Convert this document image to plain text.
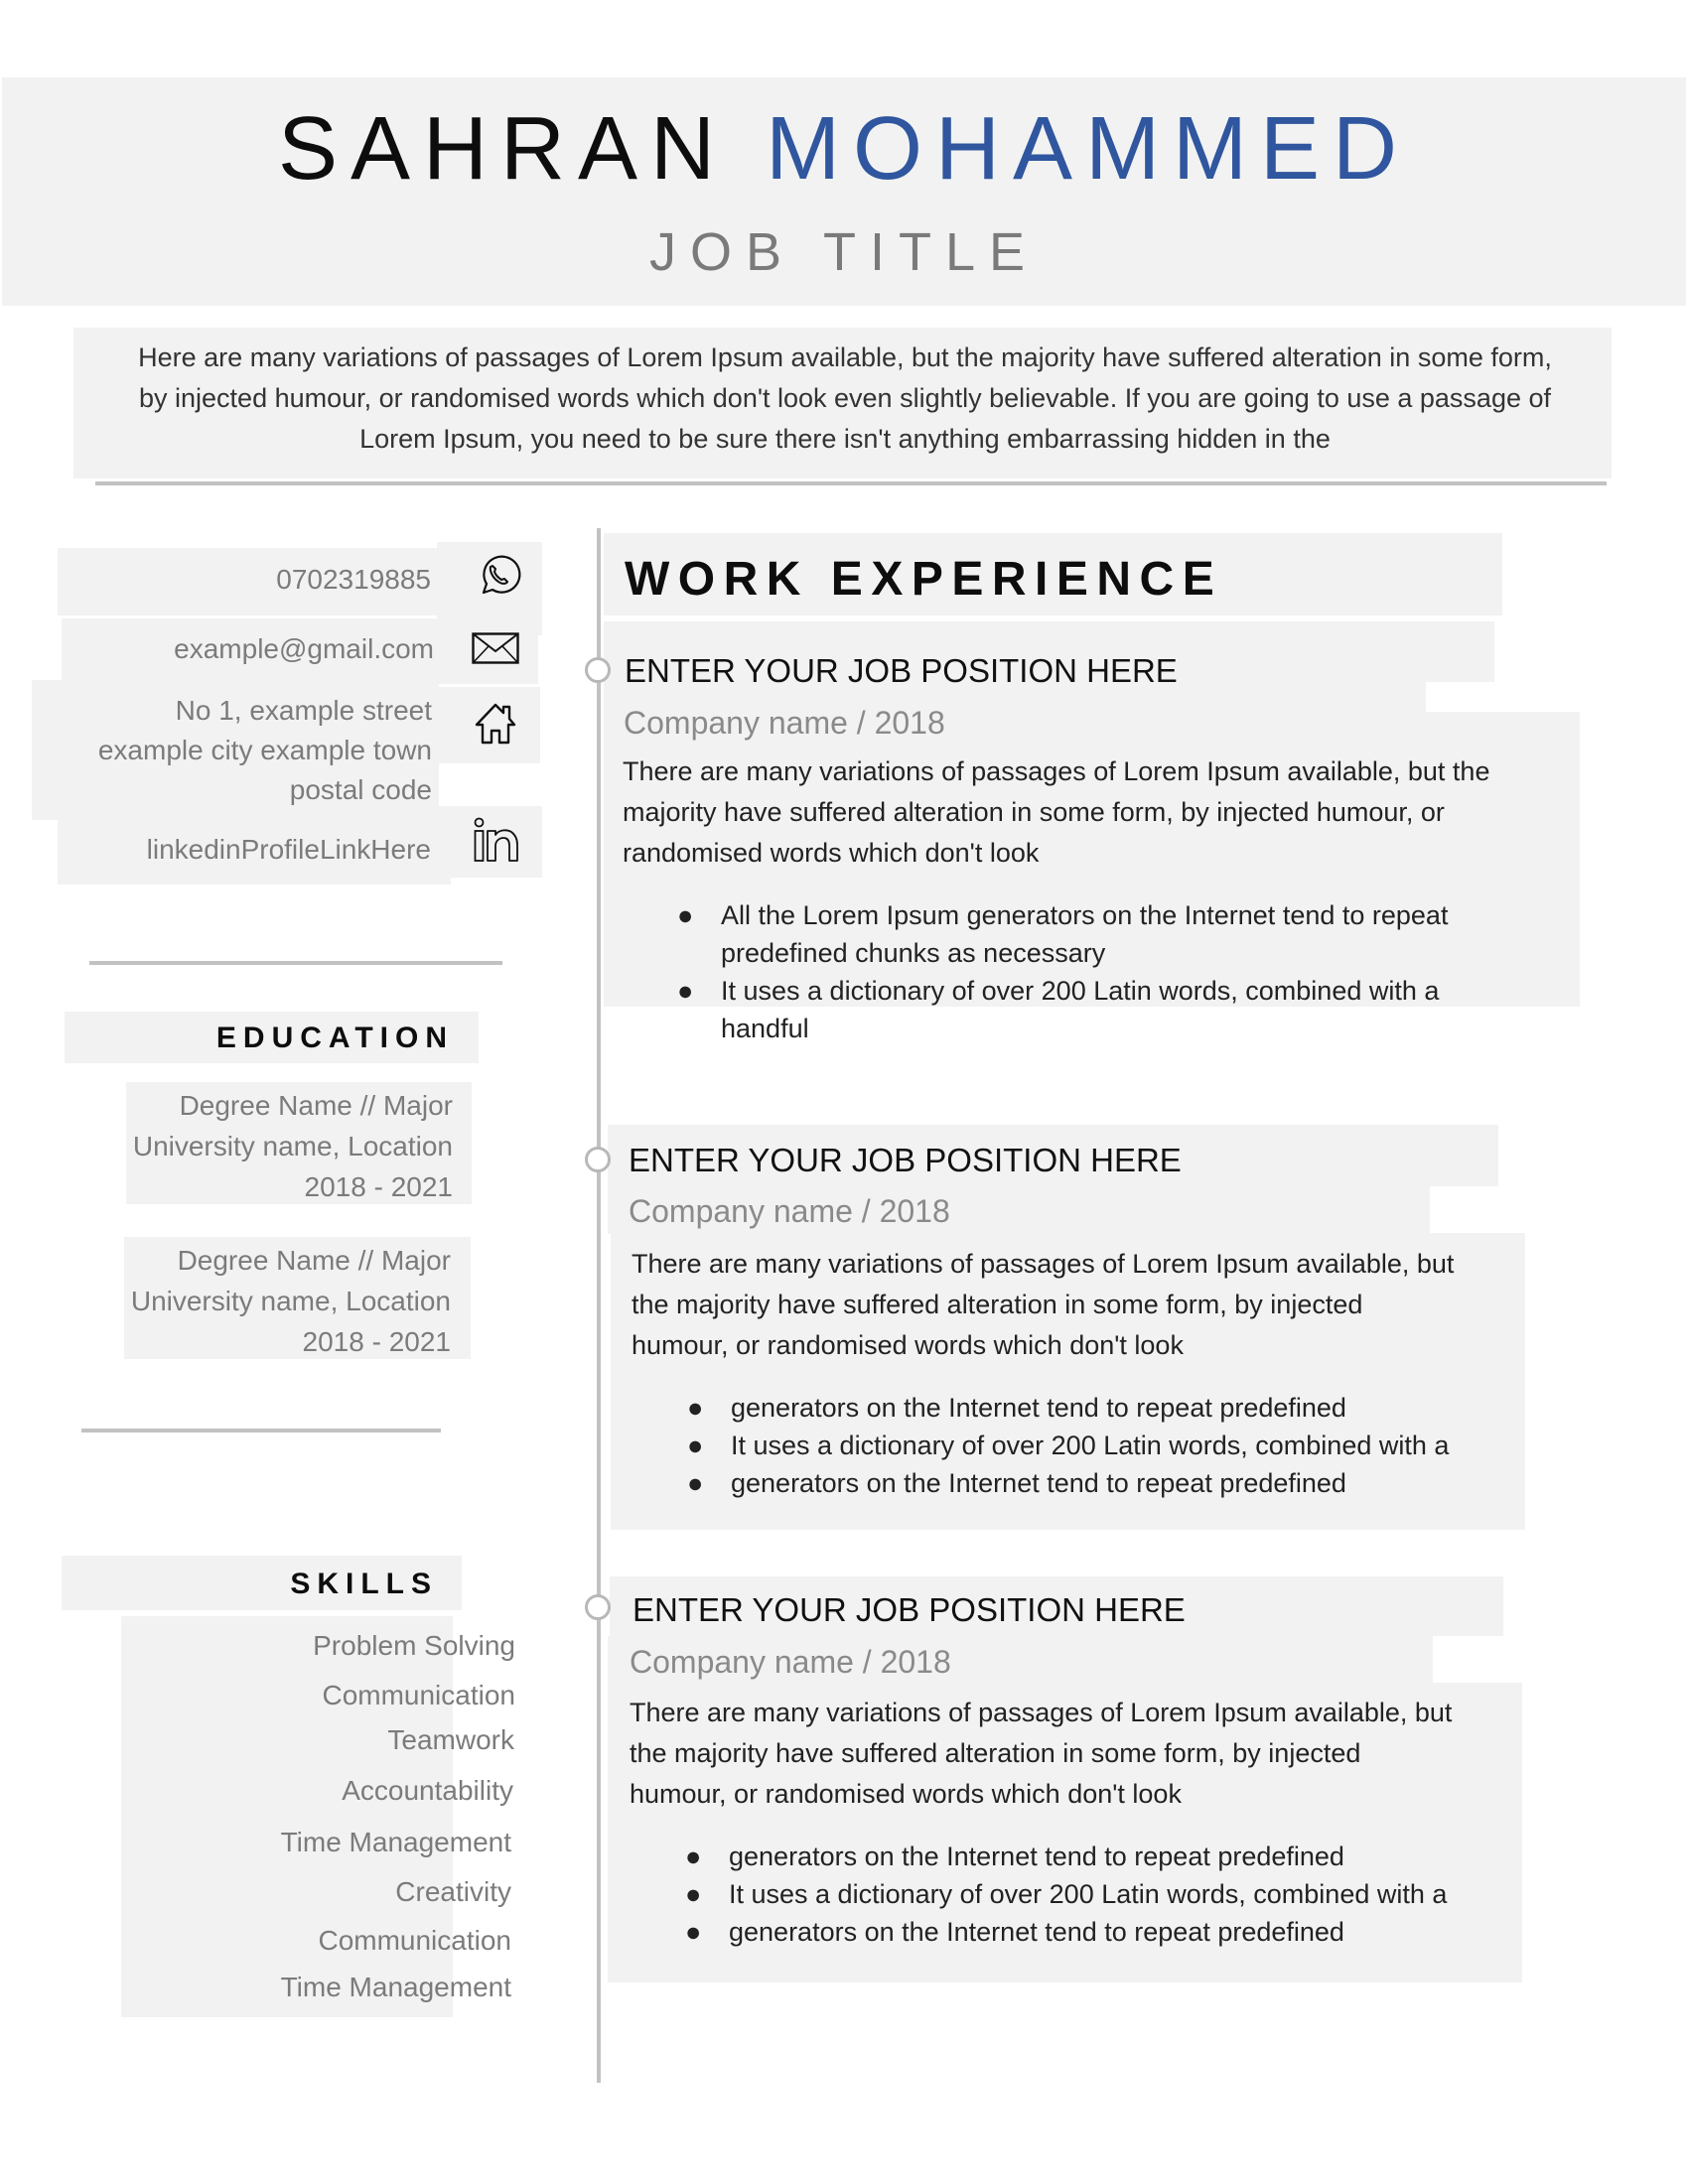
SAHRAN MOHAMMED
JOB TITLE
Here are many variations of passages of Lorem Ipsum available, but the majority have suffered alteration in some form,
by injected humour, or randomised words which don't look even slightly believable. If you are going to use a passage of
Lorem Ipsum, you need to be sure there isn't anything embarrassing hidden in the
0702319885
example@gmail.com
No 1, example street
example city example town
postal code
linkedinProfileLinkHere
EDUCATION
Degree Name // Major
University name, Location
2018 - 2021
Degree Name // Major
University name, Location
2018 - 2021
SKILLS
Problem Solving
Communication
Teamwork
Accountability
Time Management
Creativity
Communication
Time Management
WORK EXPERIENCE
ENTER YOUR JOB POSITION HERE
Company name / 2018
There are many variations of passages of Lorem Ipsum available, but the
majority have suffered alteration in some form, by injected humour, or
randomised words which don't look
● All the Lorem Ipsum generators on the Internet tend to repeat
predefined chunks as necessary
● It uses a dictionary of over 200 Latin words, combined with a
handful
ENTER YOUR JOB POSITION HERE
Company name / 2018
There are many variations of passages of Lorem Ipsum available, but
the majority have suffered alteration in some form, by injected
humour, or randomised words which don't look
● generators on the Internet tend to repeat predefined
● It uses a dictionary of over 200 Latin words, combined with a
● generators on the Internet tend to repeat predefined
ENTER YOUR JOB POSITION HERE
Company name / 2018
There are many variations of passages of Lorem Ipsum available, but
the majority have suffered alteration in some form, by injected
humour, or randomised words which don't look
● generators on the Internet tend to repeat predefined
● It uses a dictionary of over 200 Latin words, combined with a
● generators on the Internet tend to repeat predefined
